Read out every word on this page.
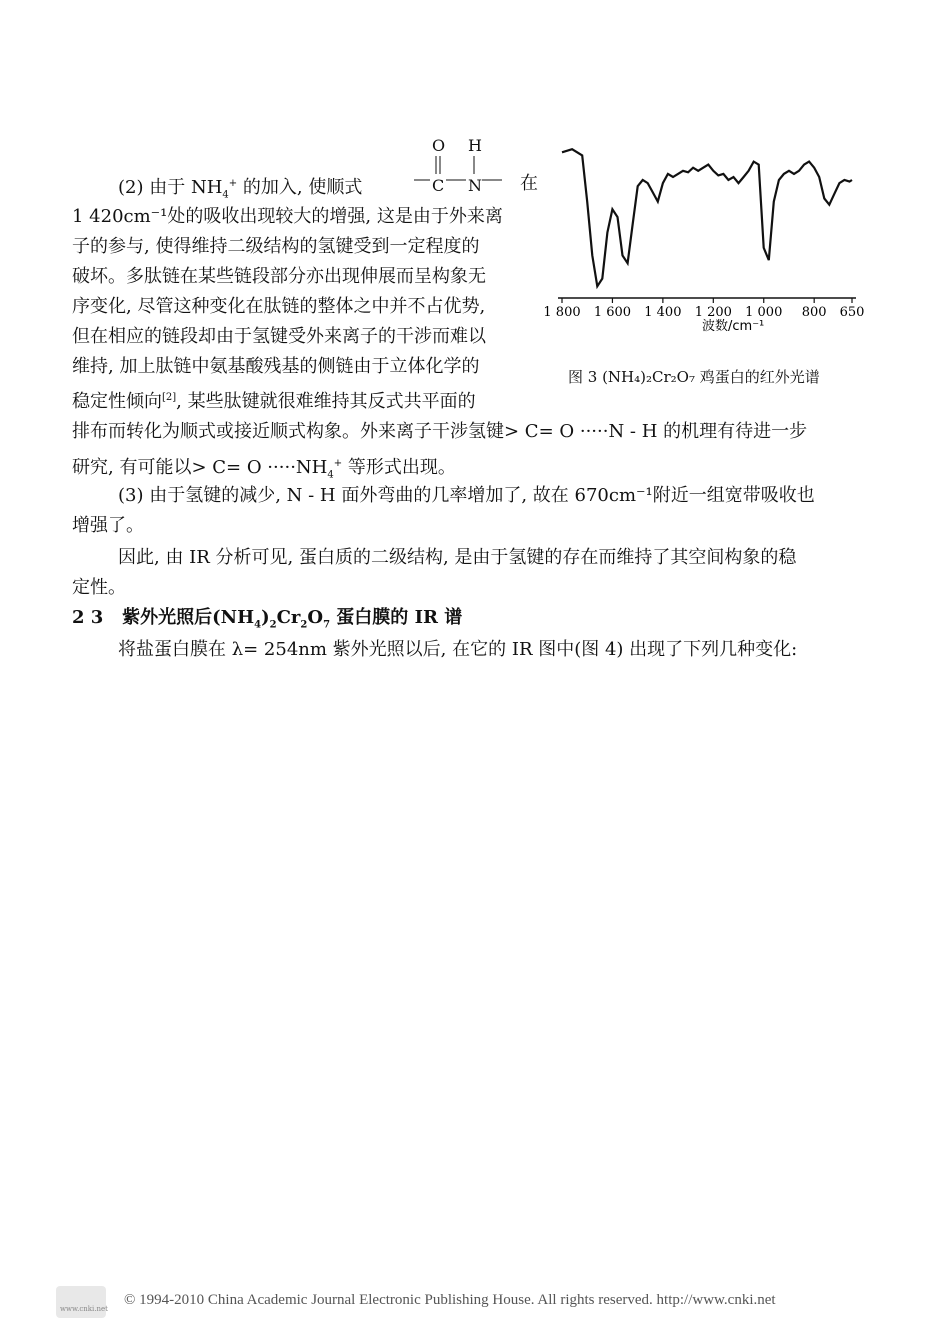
(2) 由于 $NH_4^+$ 的加入, 使顺式
O H
C N 在
1 420cm⁻¹处的吸收出现较大的增强, 这是由于外来离
子的参与, 使得维持二级结构的氢键受到一定程度的
破坏。多肽链在某些链段部分亦出现伸展而呈构象无
序变化, 尽管这种变化在肽链的整体之中并不占优势,
但在相应的链段却由于氢键受外来离子的干涉而难以
维持, 加上肽链中氨基酸残基的侧链由于立体化学的
稳定性倾向[2], 某些肽键就很难维持其反式共平面的
排布而转化为顺式或接近顺式构象。外来离子干涉氢键> C= O ·····N - H 的机理有待进一步
研究, 有可能以> $C= O \cdot\cdot\cdot\cdot\cdot NH_4^+$ 等形式出现。
1 800 1 600 1 400 1 200 1 000 800 650
波数/cm⁻¹
图 3 (NH₄)₂Cr₂O₇ 鸡蛋白的红外光谱
(3) 由于氢键的减少, N - H 面外弯曲的几率增加了, 故在 670cm⁻¹附近一组宽带吸收也
增强了。
因此, 由 IR 分析可见, 蛋白质的二级结构, 是由于氢键的存在而维持了其空间构象的稳
定性。
2 3 紫外光照后$(NH_4)_2Cr_2O_7$ 蛋白膜的 IR 谱
将盐蛋白膜在 λ= 254nm 紫外光照以后, 在它的 IR 图中(图 4) 出现了下列几种变化:
www.cnki.net
© 1994-2010 China Academic Journal Electronic Publishing House. All rights reserved. http://www.cnki.net
